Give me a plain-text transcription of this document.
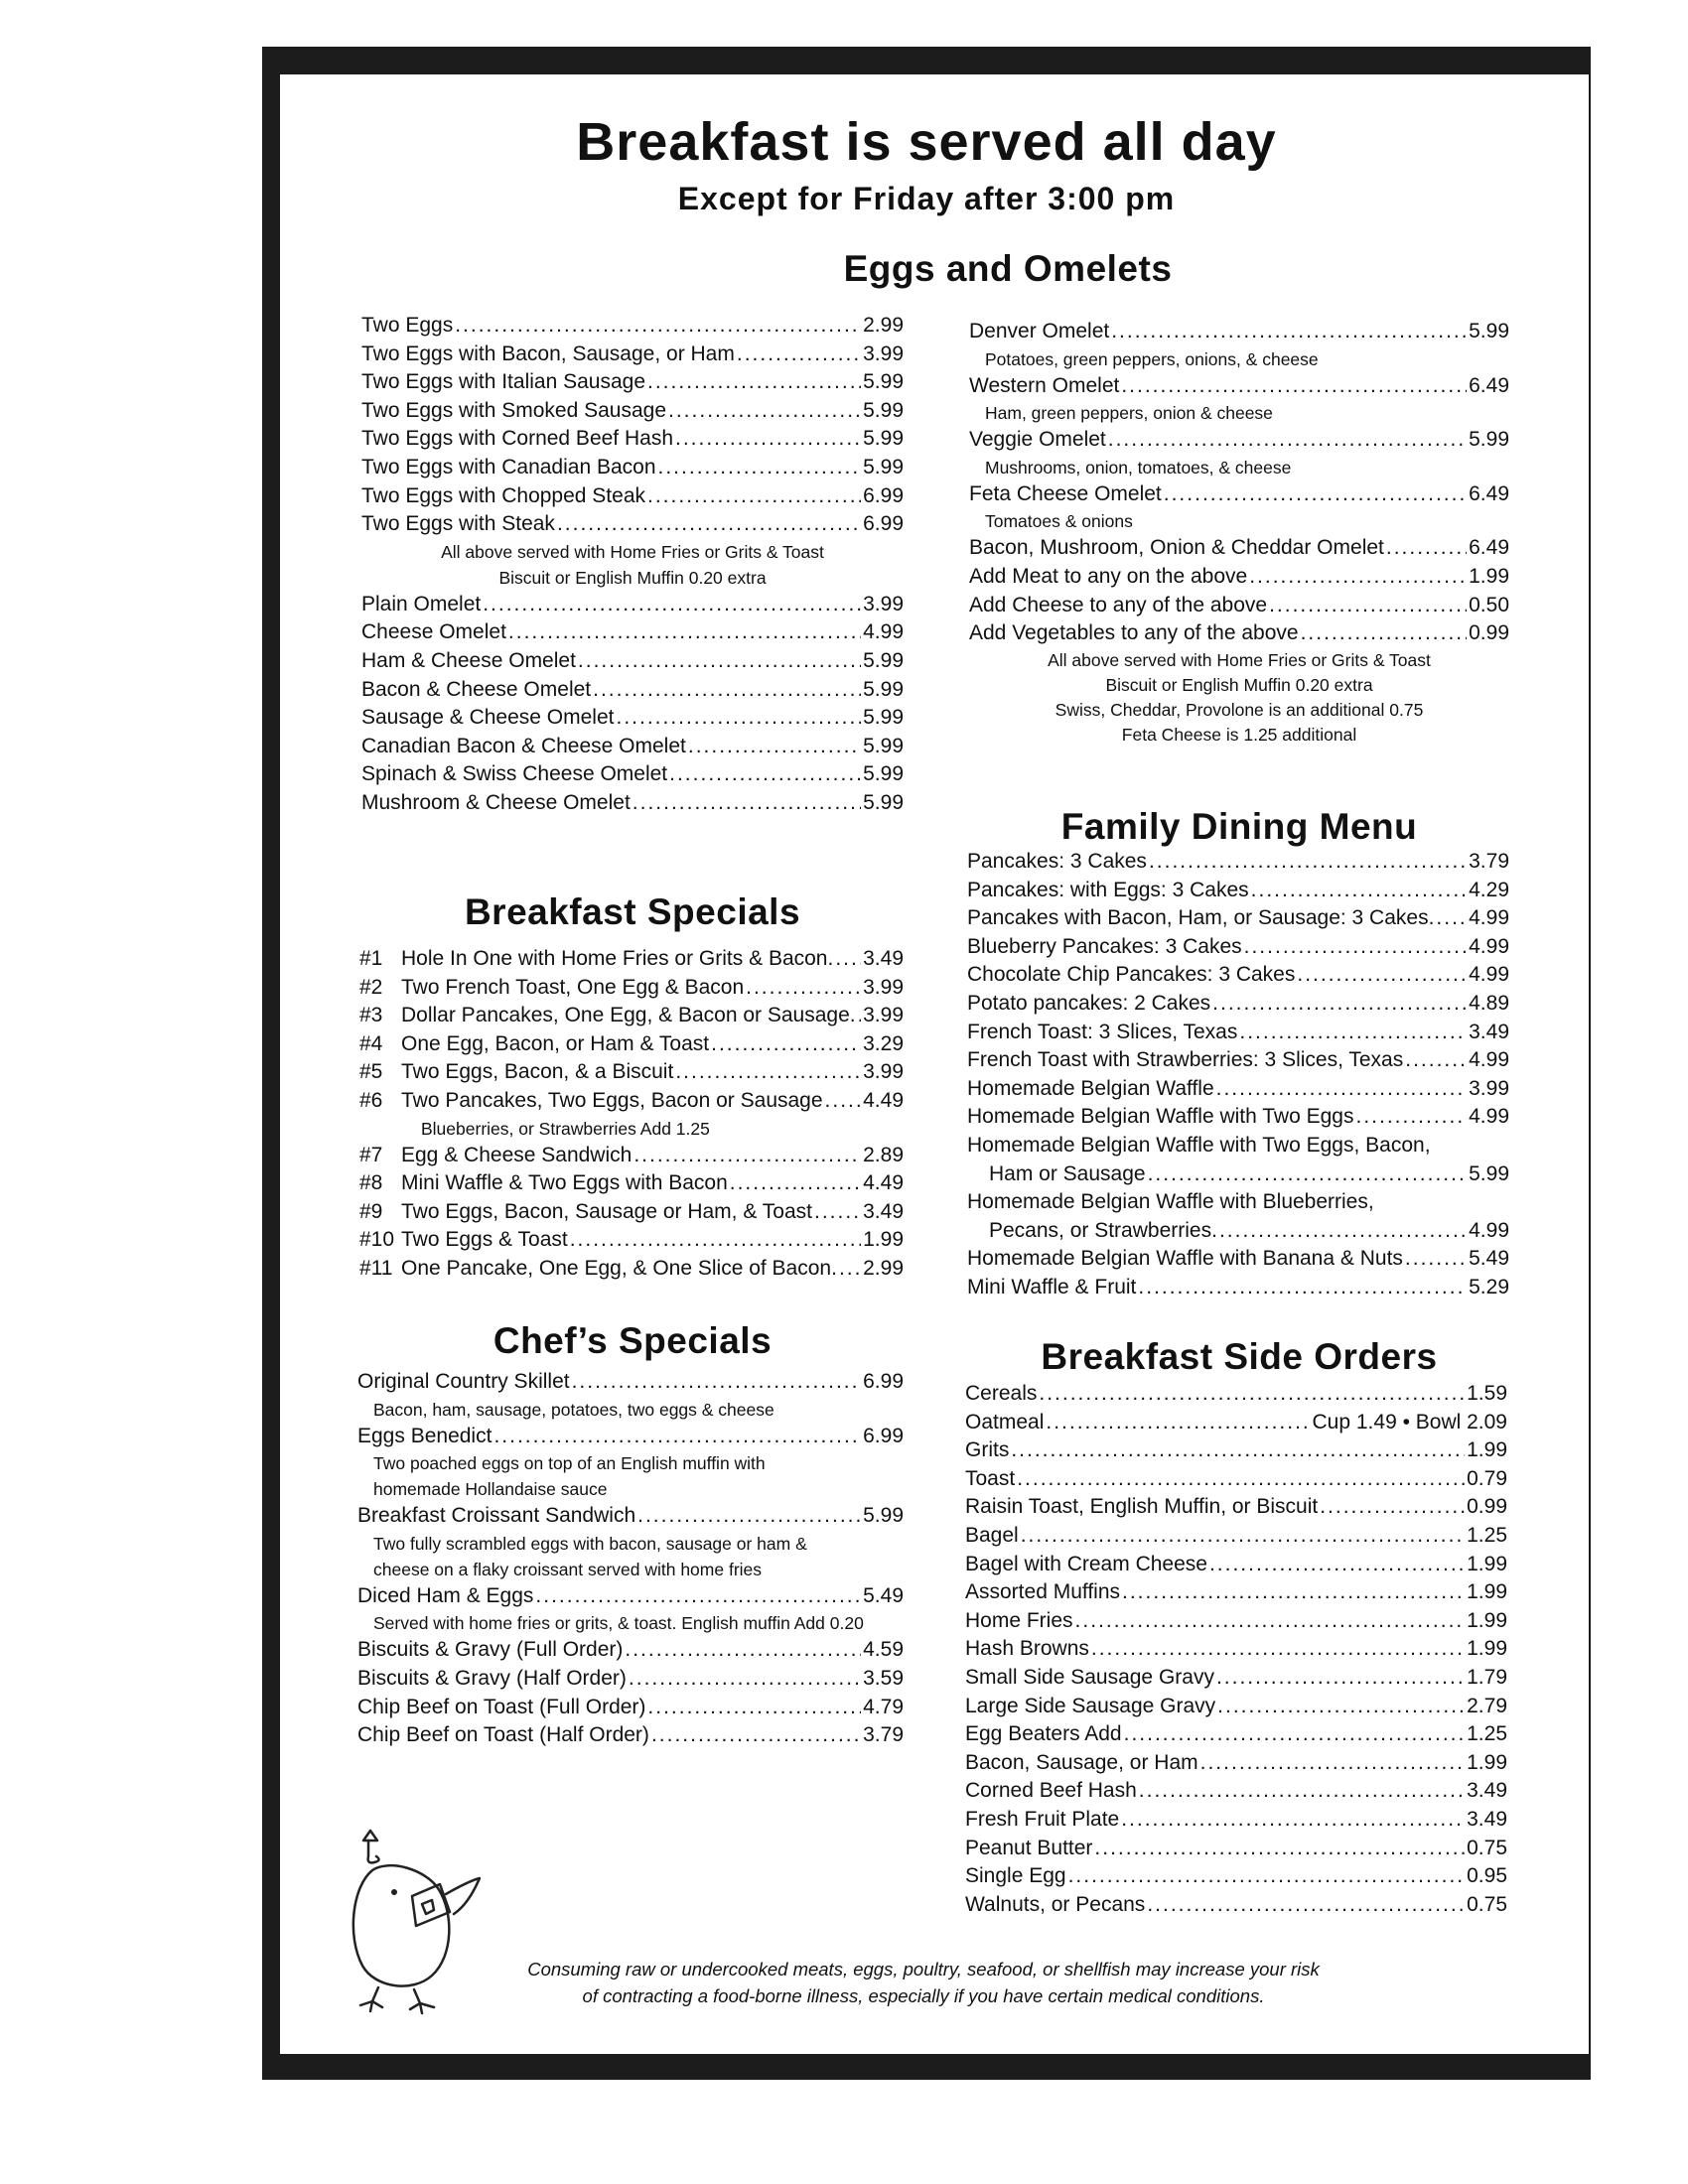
Breakfast is served all day
Except for Friday after 3:00 pm
Eggs and Omelets
Two Eggs .....	2.99
Two Eggs with Bacon, Sausage, or Ham .....	3.99
Two Eggs with Italian Sausage .....	5.99
Two Eggs with Smoked Sausage .....	5.99
Two Eggs with Corned Beef Hash .....	5.99
Two Eggs with Canadian Bacon .....	5.99
Two Eggs with Chopped Steak .....	6.99
Two Eggs with Steak .....	6.99
All above served with Home Fries or Grits & Toast
Biscuit or English Muffin 0.20 extra
Plain Omelet .....	3.99
Cheese Omelet .....	4.99
Ham & Cheese Omelet .....	5.99
Bacon & Cheese Omelet .....	5.99
Sausage & Cheese Omelet .....	5.99
Canadian Bacon & Cheese Omelet .....	5.99
Spinach & Swiss Cheese Omelet .....	5.99
Mushroom & Cheese Omelet .....	5.99
Denver Omelet .....	5.99
Potatoes, green peppers, onions, & cheese
Western Omelet .....	6.49
Ham, green peppers, onion & cheese
Veggie Omelet .....	5.99
Mushrooms, onion, tomatoes, & cheese
Feta Cheese Omelet .....	6.49
Tomatoes & onions
Bacon, Mushroom, Onion & Cheddar Omelet .....	6.49
Add Meat to any on the above .....	1.99
Add Cheese to any of the above .....	0.50
Add Vegetables to any of the above .....	0.99
All above served with Home Fries or Grits & Toast
Biscuit or English Muffin 0.20 extra
Swiss, Cheddar, Provolone is an additional 0.75
Feta Cheese is 1.25 additional
Breakfast Specials
#1 Hole In One with Home Fries or Grits & Bacon. ..... 3.49
#2 Two French Toast, One Egg & Bacon .....	3.99
#3 Dollar Pancakes, One Egg, & Bacon or Sausage. ..... 3.99
#4 One Egg, Bacon, or Ham & Toast .....	3.29
#5 Two Eggs, Bacon, & a Biscuit .....	3.99
#6 Two Pancakes, Two Eggs, Bacon or Sausage ..... 4.49
Blueberries, or Strawberries Add 1.25
#7 Egg & Cheese Sandwich .....	2.89
#8 Mini Waffle & Two Eggs with Bacon .....	4.49
#9 Two Eggs, Bacon, Sausage or Ham, & Toast ..... 3.49
#10 Two Eggs & Toast .....	1.99
#11 One Pancake, One Egg, & One Slice of Bacon. ..... 2.99
Chef’s Specials
Original Country Skillet .....	6.99
Bacon, ham, sausage, potatoes, two eggs & cheese
Eggs Benedict .....	6.99
Two poached eggs on top of an English muffin with
homemade Hollandaise sauce
Breakfast Croissant Sandwich .....	5.99
Two fully scrambled eggs with bacon, sausage or ham &
cheese on a flaky croissant served with home fries
Diced Ham & Eggs .....	5.49
Served with home fries or grits, & toast. English muffin Add 0.20
Biscuits & Gravy (Full Order) .....	4.59
Biscuits & Gravy (Half Order) .....	3.59
Chip Beef on Toast (Full Order) .....	4.79
Chip Beef on Toast (Half Order) .....	3.79
Family Dining Menu
Pancakes: 3 Cakes .....	3.79
Pancakes: with Eggs: 3 Cakes .....	4.29
Pancakes with Bacon, Ham, or Sausage: 3 Cakes. ..... 4.99
Blueberry Pancakes: 3 Cakes .....	4.99
Chocolate Chip Pancakes: 3 Cakes .....	4.99
Potato pancakes: 2 Cakes .....	4.89
French Toast: 3 Slices, Texas .....	3.49
French Toast with Strawberries: 3 Slices, Texas .....	4.99
Homemade Belgian Waffle .....	3.99
Homemade Belgian Waffle with Two Eggs .....	4.99
Homemade Belgian Waffle with Two Eggs, Bacon,
Ham or Sausage .....	5.99
Homemade Belgian Waffle with Blueberries,
Pecans, or Strawberries. .....	4.99
Homemade Belgian Waffle with Banana & Nuts .....	5.49
Mini Waffle & Fruit .....	5.29
Breakfast Side Orders
Cereals .....	1.59
Oatmeal .....	Cup 1.49 • Bowl 2.09
Grits .....	1.99
Toast .....	0.79
Raisin Toast, English Muffin, or Biscuit .....	0.99
Bagel .....	1.25
Bagel with Cream Cheese .....	1.99
Assorted Muffins .....	1.99
Home Fries .....	1.99
Hash Browns .....	1.99
Small Side Sausage Gravy .....	1.79
Large Side Sausage Gravy .....	2.79
Egg Beaters Add .....	1.25
Bacon, Sausage, or Ham .....	1.99
Corned Beef Hash .....	3.49
Fresh Fruit Plate .....	3.49
Peanut Butter .....	0.75
Single Egg .....	0.95
Walnuts, or Pecans .....	0.75

Consuming raw or undercooked meats, eggs, poultry, seafood, or shellfish may increase your risk
of contracting a food-borne illness, especially if you have certain medical conditions.
